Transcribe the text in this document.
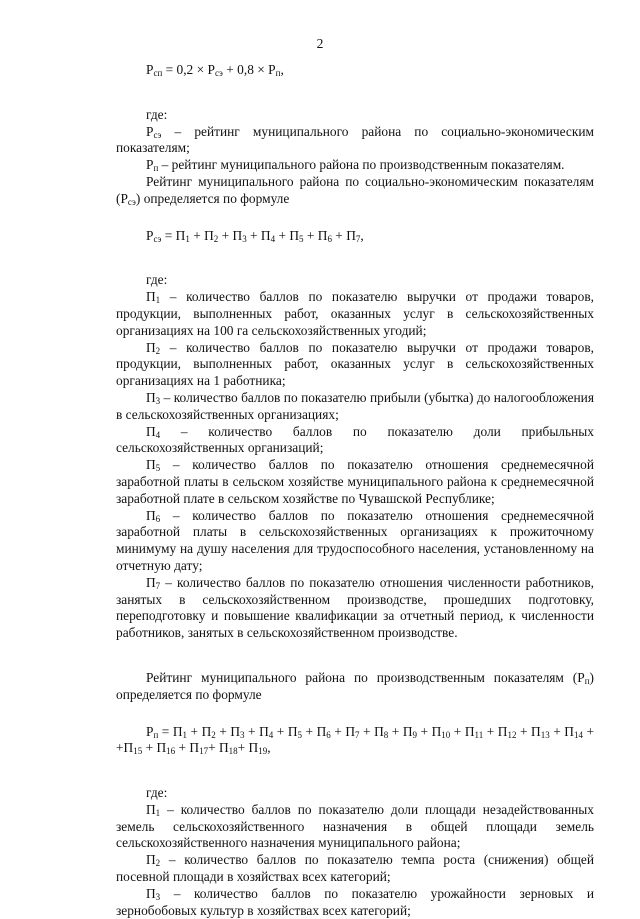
2

$Р_{сп} = 0,2 \times Р_{сэ} + 0,8 \times Р_п$,

где:

$Р_{сэ}$ – рейтинг муниципального района по социально-экономическим показателям;

$Р_п$ – рейтинг муниципального района по производственным показателям.

Рейтинг муниципального района по социально-экономическим показателям $(Р_{сэ})$ определяется по формуле

$Р_{сэ} = П_1 + П_2 + П_3 + П_4 + П_5 + П_6 + П_7$,

где:

$П_1$ – количество баллов по показателю выручки от продажи товаров, продукции, выполненных работ, оказанных услуг в сельскохозяйственных организациях на 100 га сельскохозяйственных угодий;

$П_2$ – количество баллов по показателю выручки от продажи товаров, продукции, выполненных работ, оказанных услуг в сельскохозяйственных организациях на 1 работника;

$П_3$ – количество баллов по показателю прибыли (убытка) до налогообложения в сельскохозяйственных организациях;

$П_4$ – количество баллов по показателю доли прибыльных сельскохозяйственных организаций;

$П_5$ – количество баллов по показателю отношения среднемесячной заработной платы в сельском хозяйстве муниципального района к среднемесячной заработной плате в сельском хозяйстве по Чувашской Республике;

$П_6$ – количество баллов по показателю отношения среднемесячной заработной платы в сельскохозяйственных организациях к прожиточному минимуму на душу населения для трудоспособного населения, установленному на отчетную дату;

$П_7$ – количество баллов по показателю отношения численности работников, занятых в сельскохозяйственном производстве, прошедших подготовку, переподготовку и повышение квалификации за отчетный период, к численности работников, занятых в сельскохозяйственном производстве.

Рейтинг муниципального района по производственным показателям $(Р_п)$ определяется по формуле

$Р_п = П_1 + П_2 + П_3 + П_4 + П_5 + П_6 + П_7 + П_8 + П_9 + П_{10} + П_{11} + П_{12} + П_{13} + П_{14} + +П_{15} + П_{16} + П_{17}+ П_{18}+ П_{19}$,

где:

$П_1$ – количество баллов по показателю доли площади незадействованных земель сельскохозяйственного назначения в общей площади земель сельскохозяйственного назначения муниципального района;

$П_2$ – количество баллов по показателю темпа роста (снижения) общей посевной площади в хозяйствах всех категорий;

$П_3$ – количество баллов по показателю урожайности зерновых и зернобобовых культур в хозяйствах всех категорий;
